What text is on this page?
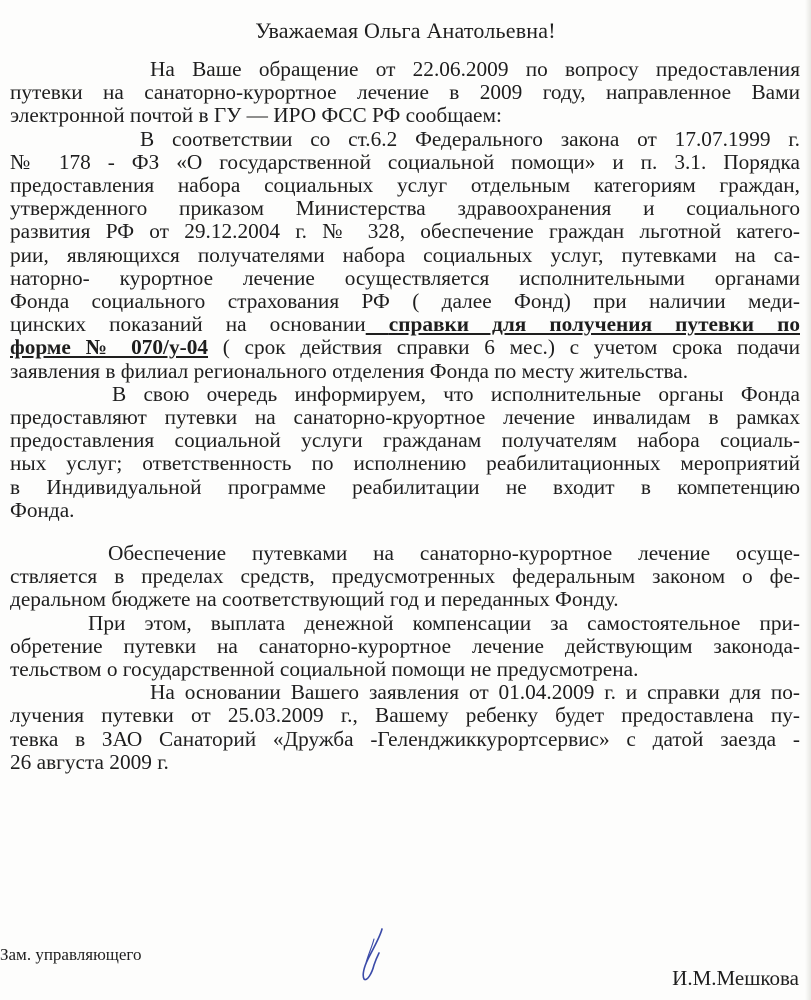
Уважаемая Ольга Анатольевна!
На Ваше обращение от 22.06.2009 по вопросу предоставления
путевки на санаторно-курортное лечение в 2009 году, направленное Вами
электронной почтой в ГУ — ИРО ФСС РФ сообщаем:
В соответствии со ст.6.2 Федерального закона от 17.07.1999 г.
№ 178 - ФЗ «О государственной социальной помощи» и п. 3.1. Порядка
предоставления набора социальных услуг отдельным категориям граждан,
утвержденного приказом Министерства здравоохранения и социального
развития РФ от 29.12.2004 г. № 328, обеспечение граждан льготной катего-
рии, являющихся получателями набора социальных услуг, путевками на са-
наторно- курортное лечение осуществляется исполнительными органами
Фонда социального страхования РФ ( далее Фонд) при наличии меди-
цинских показаний на основании справки для получения путевки по
форме № 070/у-04 ( срок действия справки 6 мес.) с учетом срока подачи
заявления в филиал регионального отделения Фонда по месту жительства.
В свою очередь информируем, что исполнительные органы Фонда
предоставляют путевки на санаторно-круортное лечение инвалидам в рамках
предоставления социальной услуги гражданам получателям набора социаль-
ных услуг; ответственность по исполнению реабилитационных мероприятий
в Индивидуальной программе реабилитации не входит в компетенцию
Фонда.
Обеспечение путевками на санаторно-курортное лечение осуще-
ствляется в пределах средств, предусмотренных федеральным законом о фе-
деральном бюджете на соответствующий год и переданных Фонду.
При этом, выплата денежной компенсации за самостоятельное при-
обретение путевки на санаторно-курортное лечение действующим законода-
тельством о государственной социальной помощи не предусмотрена.
На основании Вашего заявления от 01.04.2009 г. и справки для по-
лучения путевки от 25.03.2009 г., Вашему ребенку будет предоставлена пу-
тевка в ЗАО Санаторий «Дружба -Геленджиккурортсервис» с датой заезда -
26 августа 2009 г.
Зам. управляющего
И.М.Мешкова
